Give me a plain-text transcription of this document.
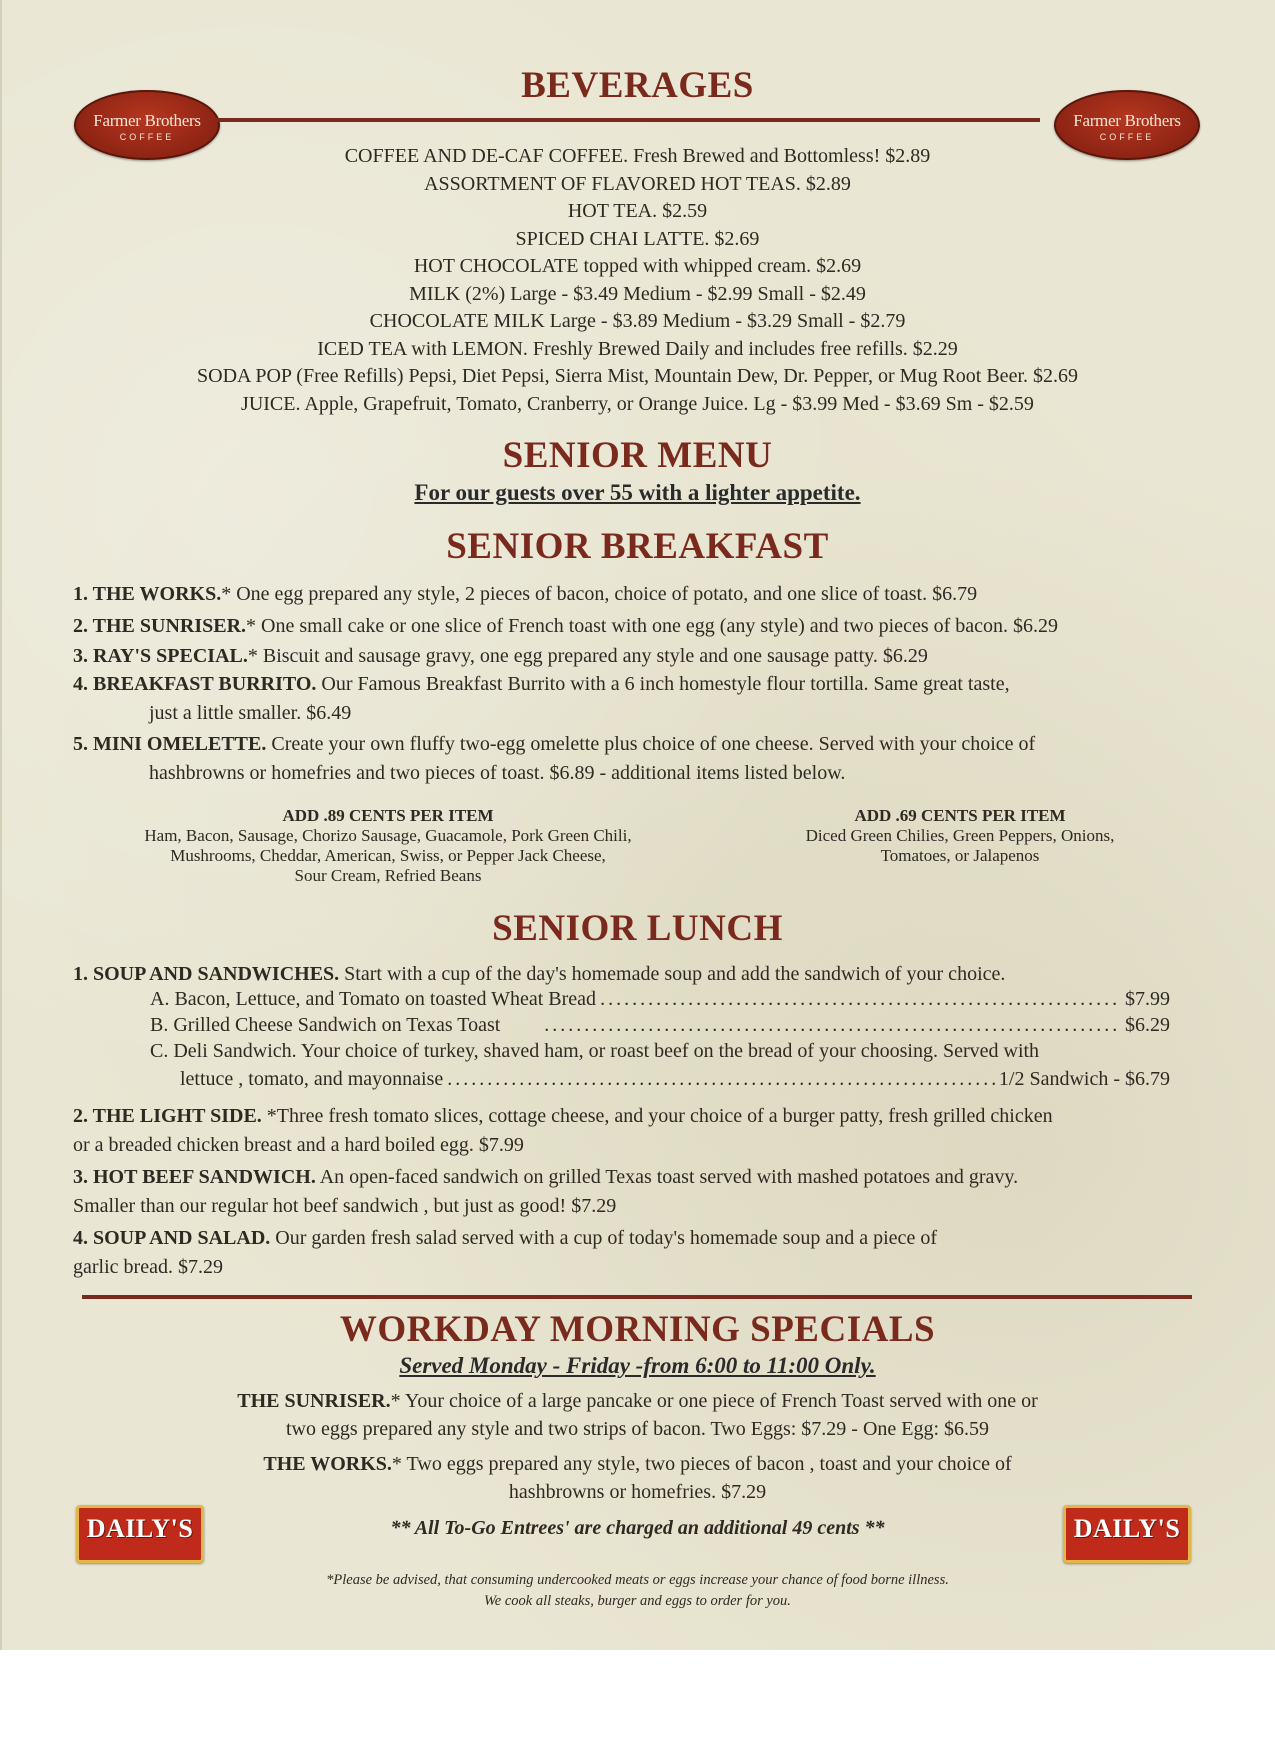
Farmer Brothers
COFFEE
Farmer Brothers
COFFEE
BEVERAGES
COFFEE AND DE-CAF COFFEE. Fresh Brewed and Bottomless! $2.89
ASSORTMENT OF FLAVORED HOT TEAS. $2.89
HOT TEA. $2.59
SPICED CHAI LATTE. $2.69
HOT CHOCOLATE topped with whipped cream. $2.69
MILK (2%) Large - $3.49 Medium - $2.99 Small - $2.49
CHOCOLATE MILK Large - $3.89 Medium - $3.29 Small - $2.79
ICED TEA with LEMON. Freshly Brewed Daily and includes free refills. $2.29
SODA POP (Free Refills) Pepsi, Diet Pepsi, Sierra Mist, Mountain Dew, Dr. Pepper, or Mug Root Beer. $2.69
JUICE. Apple, Grapefruit, Tomato, Cranberry, or Orange Juice. Lg - $3.99 Med - $3.69 Sm - $2.59
SENIOR MENU
For our guests over 55 with a lighter appetite.
SENIOR BREAKFAST
1. THE WORKS.* One egg prepared any style, 2 pieces of bacon, choice of potato, and one slice of toast. $6.79
2. THE SUNRISER.* One small cake or one slice of French toast with one egg (any style) and two pieces of bacon. $6.29
3. RAY'S SPECIAL.* Biscuit and sausage gravy, one egg prepared any style and one sausage patty. $6.29
4. BREAKFAST BURRITO. Our Famous Breakfast Burrito with a 6 inch homestyle flour tortilla. Same great taste,
just a little smaller. $6.49
5. MINI OMELETTE. Create your own fluffy two-egg omelette plus choice of one cheese. Served with your choice of
hashbrowns or homefries and two pieces of toast. $6.89 - additional items listed below.
ADD .89 CENTS PER ITEM
Ham, Bacon, Sausage, Chorizo Sausage, Guacamole, Pork Green Chili,
Mushrooms, Cheddar, American, Swiss, or Pepper Jack Cheese,
Sour Cream, Refried Beans
ADD .69 CENTS PER ITEM
Diced Green Chilies, Green Peppers, Onions,
Tomatoes, or Jalapenos
SENIOR LUNCH
1. SOUP AND SANDWICHES. Start with a cup of the day's homemade soup and add the sandwich of your choice.
A. Bacon, Lettuce, and Tomato on toasted Wheat Bread . . .	$7.99
B. Grilled Cheese Sandwich on Texas Toast . . .	$6.29
C. Deli Sandwich. Your choice of turkey, shaved ham, or roast beef on the bread of your choosing. Served with
lettuce , tomato, and mayonnaise . . .	1/2 Sandwich - $6.79
2. THE LIGHT SIDE. *Three fresh tomato slices, cottage cheese, and your choice of a burger patty, fresh grilled chicken
or a breaded chicken breast and a hard boiled egg. $7.99
3. HOT BEEF SANDWICH. An open-faced sandwich on grilled Texas toast served with mashed potatoes and gravy.
Smaller than our regular hot beef sandwich , but just as good! $7.29
4. SOUP AND SALAD. Our garden fresh salad served with a cup of today's homemade soup and a piece of
garlic bread. $7.29
WORKDAY MORNING SPECIALS
Served Monday - Friday -from 6:00 to 11:00 Only.
THE SUNRISER.* Your choice of a large pancake or one piece of French Toast served with one or
two eggs prepared any style and two strips of bacon. Two Eggs: $7.29 - One Egg: $6.59
THE WORKS.* Two eggs prepared any style, two pieces of bacon , toast and your choice of
hashbrowns or homefries. $7.29
DAILY'S	DAILY'S
** All To-Go Entrees' are charged an additional 49 cents **
*Please be advised, that consuming undercooked meats or eggs increase your chance of food borne illness.
We cook all steaks, burger and eggs to order for you.
